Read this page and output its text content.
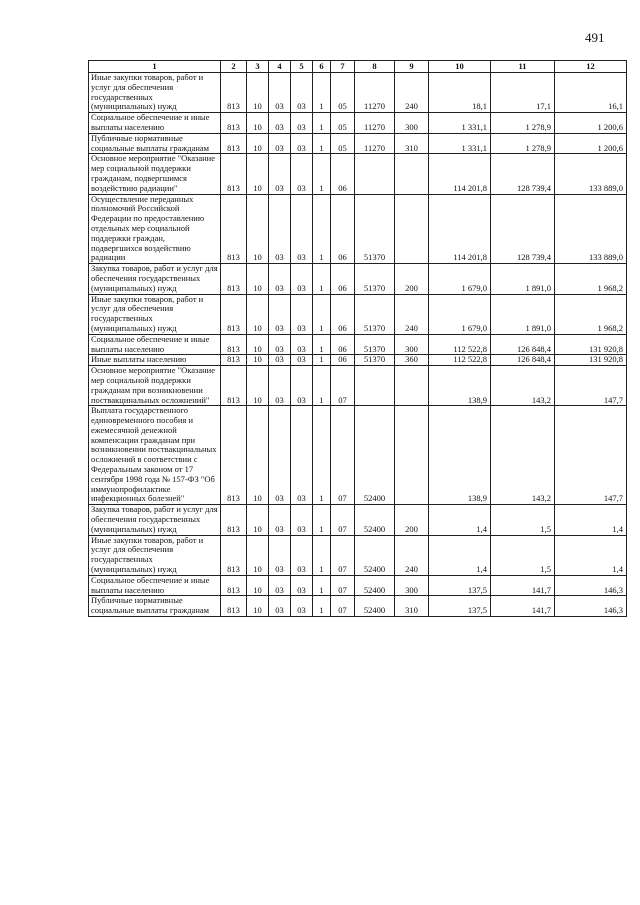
491
1	2	3	4	5	6	7	8	9	10	11	12
Иные закупки товаров, работ и услуг для обеспечения государственных (муниципальных) нужд	813	10	03	03	1	05	11270	240	18,1	17,1	16,1
Социальное обеспечение и иные выплаты населению	813	10	03	03	1	05	11270	300	1 331,1	1 278,9	1 200,6
Публичные нормативные социальные выплаты гражданам	813	10	03	03	1	05	11270	310	1 331,1	1 278,9	1 200,6
Основное мероприятие "Оказание мер социальной поддержки гражданам, подвергшимся воздействию радиации"	813	10	03	03	1	06			114 201,8	128 739,4	133 889,0
Осуществление переданных полномочий Российской Федерации по предоставлению отдельных мер социальной поддержки граждан, подвергшихся воздействию радиации	813	10	03	03	1	06	51370		114 201,8	128 739,4	133 889,0
Закупка товаров, работ и услуг для обеспечения государственных (муниципальных) нужд	813	10	03	03	1	06	51370	200	1 679,0	1 891,0	1 968,2
Иные закупки товаров, работ и услуг для обеспечения государственных (муниципальных) нужд	813	10	03	03	1	06	51370	240	1 679,0	1 891,0	1 968,2
Социальное обеспечение и иные выплаты населению	813	10	03	03	1	06	51370	300	112 522,8	126 848,4	131 920,8
Иные выплаты населению	813	10	03	03	1	06	51370	360	112 522,8	126 848,4	131 920,8
Основное мероприятие "Оказание мер социальной поддержки гражданам при возникновении поствакцинальных осложнений"	813	10	03	03	1	07			138,9	143,2	147,7
Выплата государственного единовременного пособия и ежемесячной денежной компенсации гражданам при возникновении поствакцинальных осложнений в соответствии с Федеральным законом от 17 сентября 1998 года № 157-ФЗ "Об иммунопрофилактике инфекционных болезней"	813	10	03	03	1	07	52400		138,9	143,2	147,7
Закупка товаров, работ и услуг для обеспечения государственных (муниципальных) нужд	813	10	03	03	1	07	52400	200	1,4	1,5	1,4
Иные закупки товаров, работ и услуг для обеспечения государственных (муниципальных) нужд	813	10	03	03	1	07	52400	240	1,4	1,5	1,4
Социальное обеспечение и иные выплаты населению	813	10	03	03	1	07	52400	300	137,5	141,7	146,3
Публичные нормативные социальные выплаты гражданам	813	10	03	03	1	07	52400	310	137,5	141,7	146,3
